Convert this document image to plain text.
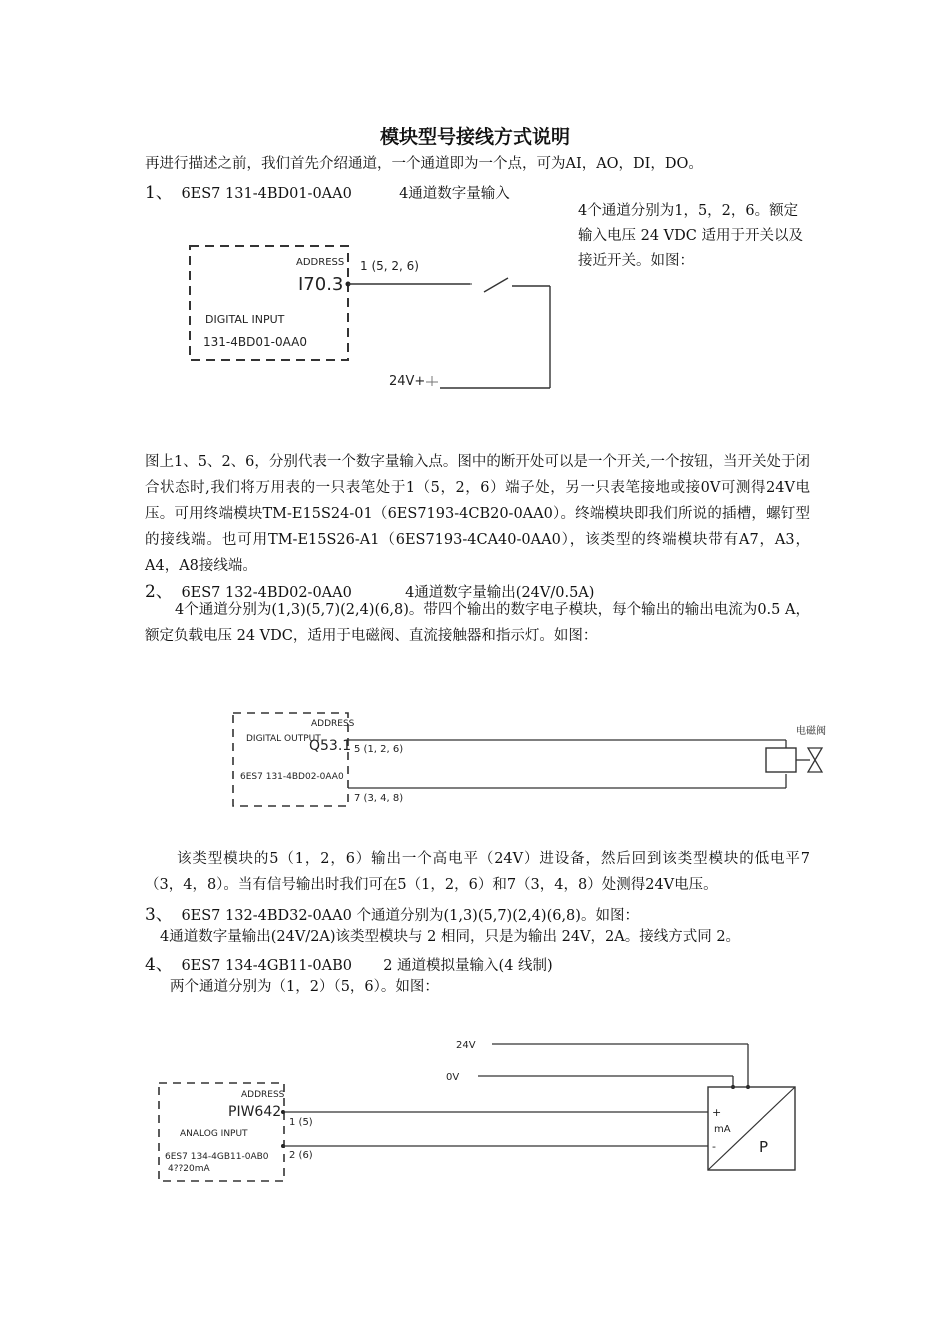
模块型号接线方式说明
再进行描述之前，我们首先介绍通道，一个通道即为一个点，可为AI，AO，DI，DO。
1、 6ES7 131-4BD01-0AA0	4通道数字量输入
4个通道分别为1，5，2，6。额定输入电压 24 VDC 适用于开关以及接近开关。如图：
ADDRESS
I70.3
DIGITAL INPUT
131-4BD01-0AA0
1 (5, 2, 6)
24V+
ADDRESS
DIGITAL OUTPUT
Q53.1
6ES7 131-4BD02-0AA0
5 (1, 2, 6)
7 (3, 4, 8)
电磁阀
ADDRESS
PIW642
ANALOG INPUT
6ES7 134-4GB11-0AB0
4??20mA
1 (5)
2 (6)
24V
0V
+
mA
-	P
图上1、5、2、6，分别代表一个数字量输入点。图中的断开处可以是一个开关,一个按钮，当开关处于闭合状态时,我们将万用表的一只表笔处于1（5，2，6）端子处，另一只表笔接地或接0V可测得24V电压。可用终端模块TM-E15S24-01（6ES7193-4CB20-0AA0）。终端模块即我们所说的插槽，螺钉型的接线端。也可用TM-E15S26-A1（6ES7193-4CA40-0AA0），该类型的终端模块带有A7，A3，A4，A8接线端。
2、 6ES7 132-4BD02-0AA0	4通道数字量输出(24V/0.5A)
4个通道分别为(1,3)(5,7)(2,4)(6,8)。带四个输出的数字电子模块，每个输出的输出电流为0.5 A，额定负载电压 24 VDC，适用于电磁阀、直流接触器和指示灯。如图：
该类型模块的5（1，2，6）输出一个高电平（24V）进设备，然后回到该类型模块的低电平7（3，4，8）。当有信号输出时我们可在5（1，2，6）和7（3，4，8）处测得24V电压。
3、 6ES7 132-4BD32-0AA0 个通道分别为(1,3)(5,7)(2,4)(6,8)。如图：
4通道数字量输出(24V/2A)该类型模块与 2 相同，只是为输出 24V，2A。接线方式同 2。
4、 6ES7 134-4GB11-0AB0 2 通道模拟量输入(4 线制)
两个通道分别为（1，2）（5，6）。如图：
